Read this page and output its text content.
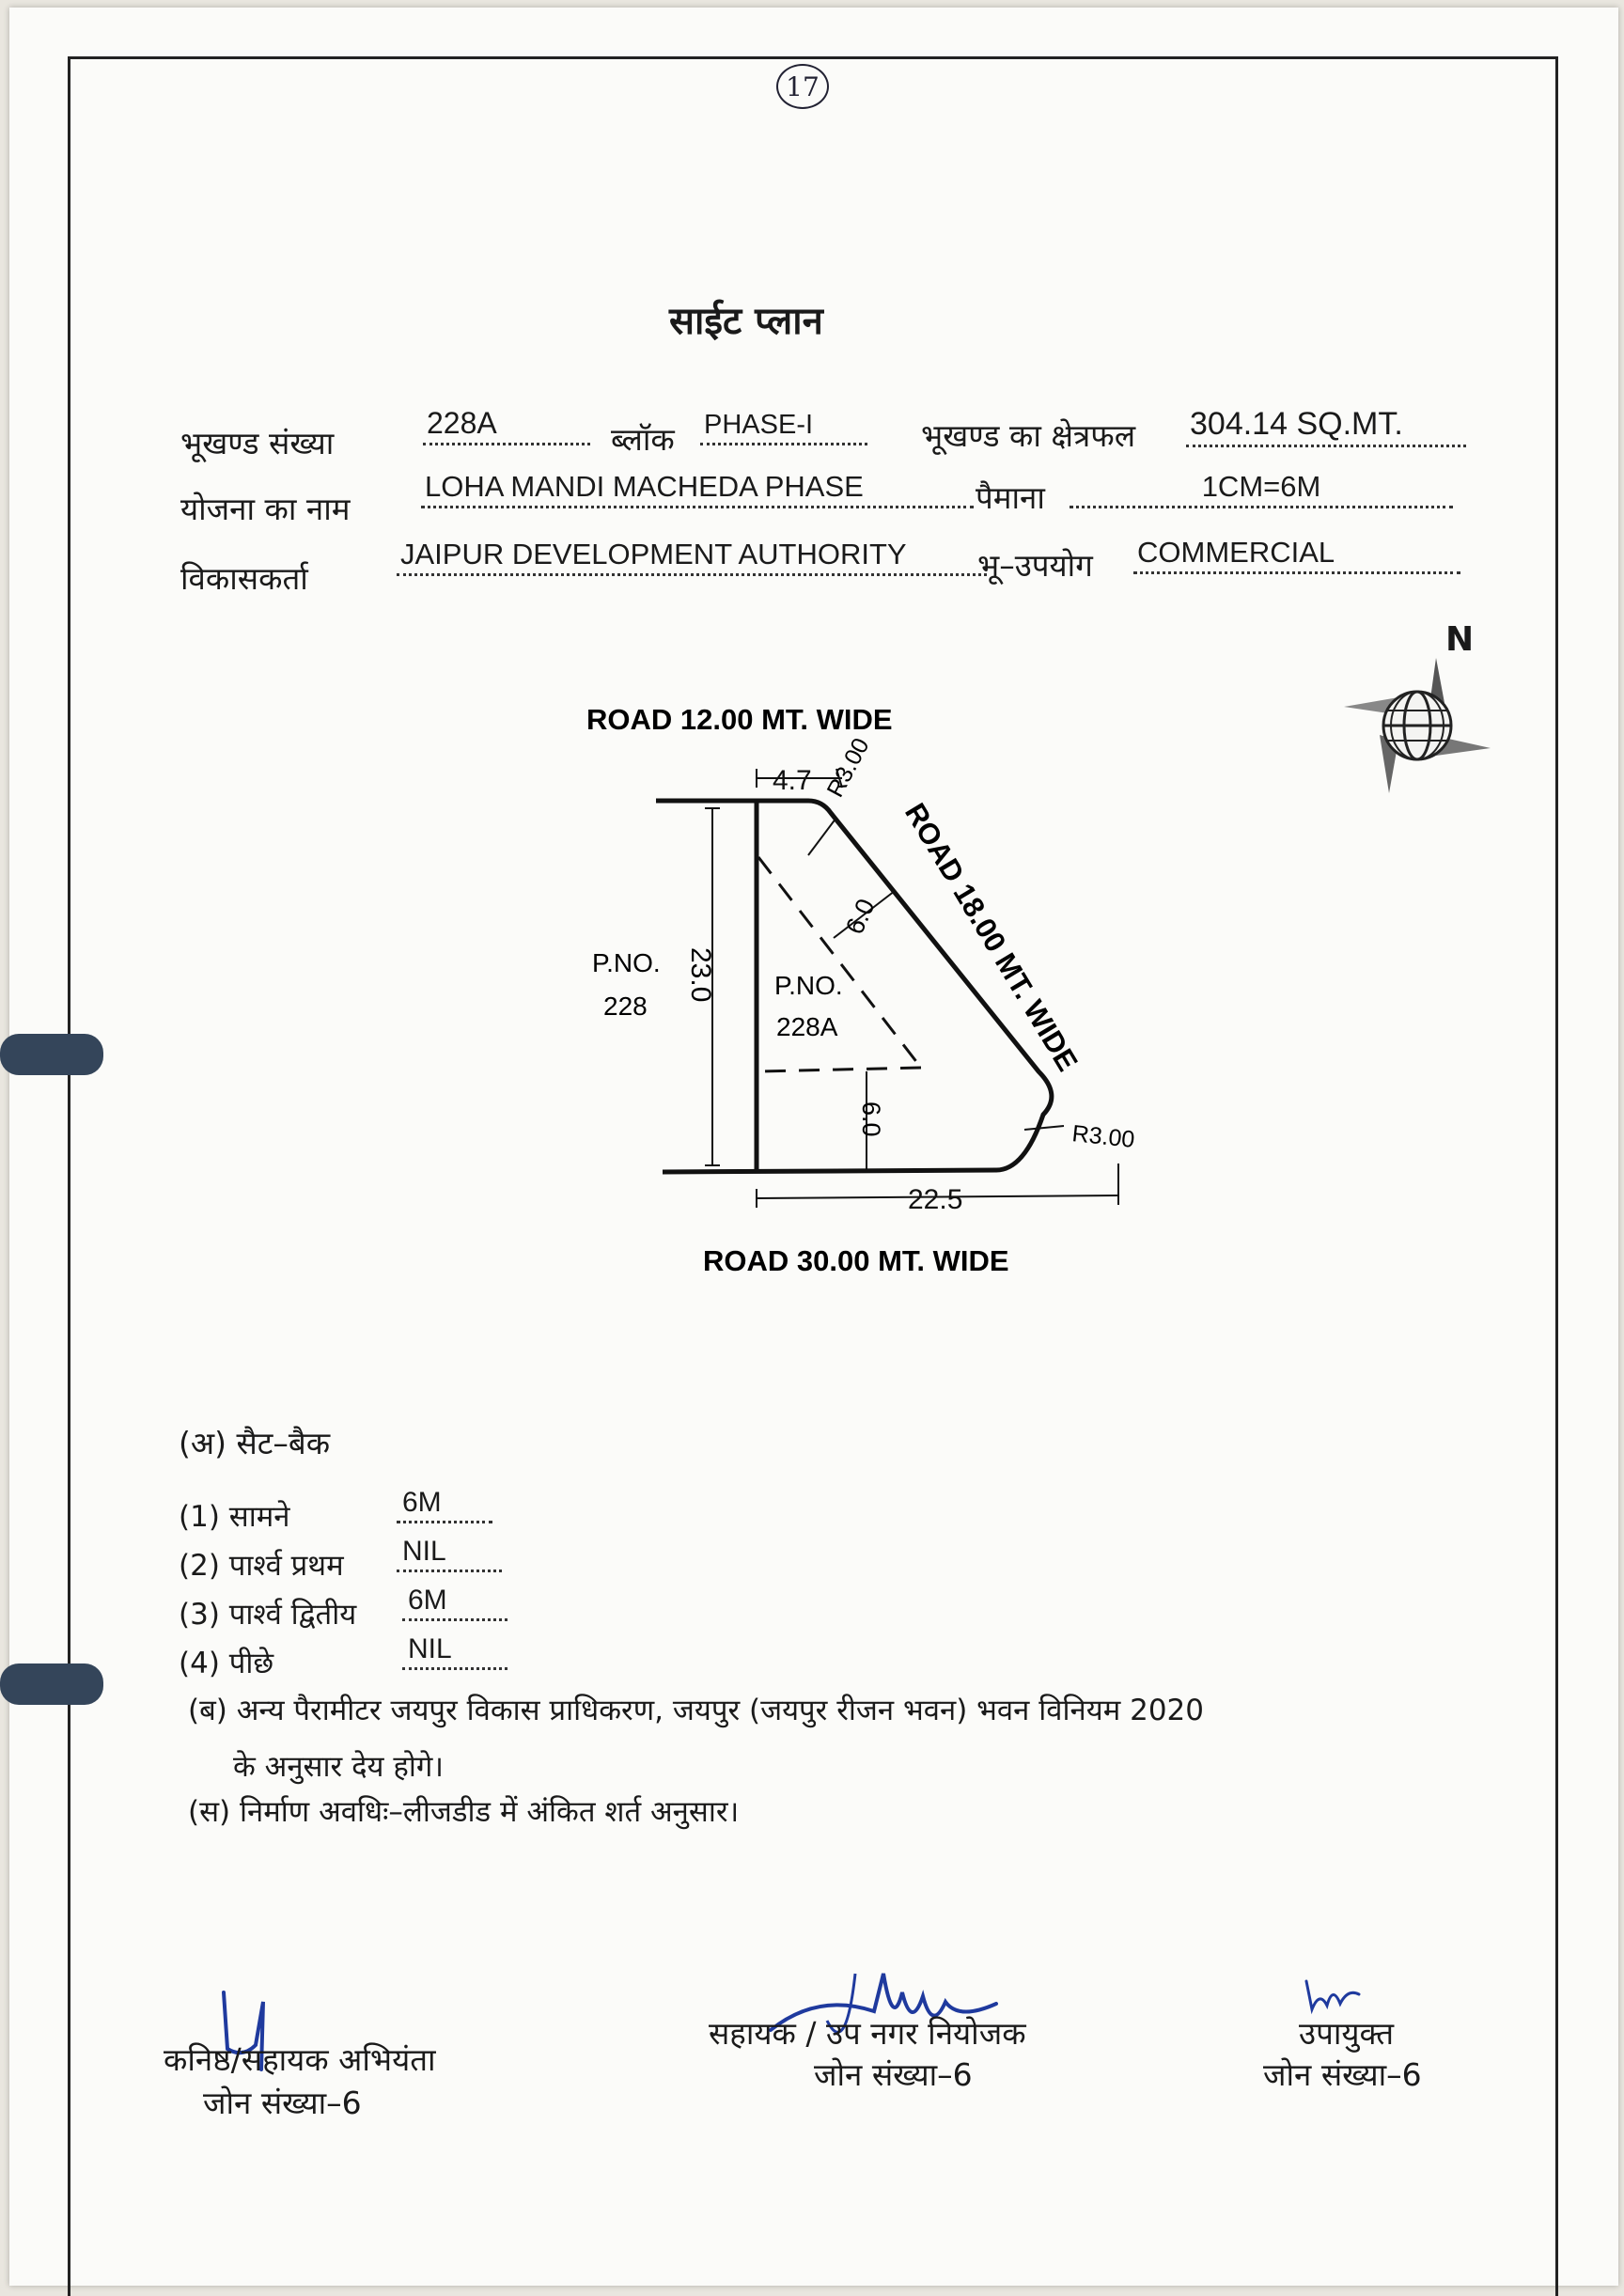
17
साईट प्लान
भूखण्ड संख्या
228A	ब्लॉक PHASE-I	भूखण्ड का क्षेत्रफल 304.14 SQ.MT.
योजना का नाम
LOHA MANDI MACHEDA PHASE	पैमाना	1CM=6M
विकासकर्ता
JAIPUR DEVELOPMENT AUTHORITY	भू–उपयोग COMMERCIAL
N
ROAD 12.00 MT. WIDE
ROAD 18.00 MT. WIDE
ROAD 30.00 MT. WIDE
6.0
6.0
4.7 R3.00
23.0
22.5
R3.00
P.NO.
228
P.NO.
228A
(अ) सैट–बैक
(1) सामने	6M
(2) पार्श्व प्रथम NIL
(3) पार्श्व द्वितीय 6M
(4) पीछे	NIL
(ब) अन्य पैरामीटर जयपुर विकास प्राधिकरण, जयपुर (जयपुर रीजन भवन) भवन विनियम 2020
के अनुसार देय होगे।
(स) निर्माण अवधिः–लीजडीड में अंकित शर्त अनुसार।
कनिष्ठ/सहायक अभियंता
जोन संख्या–6
सहायक / उप नगर नियोजक
जोन संख्या–6
उपायुक्त
जोन संख्या–6
